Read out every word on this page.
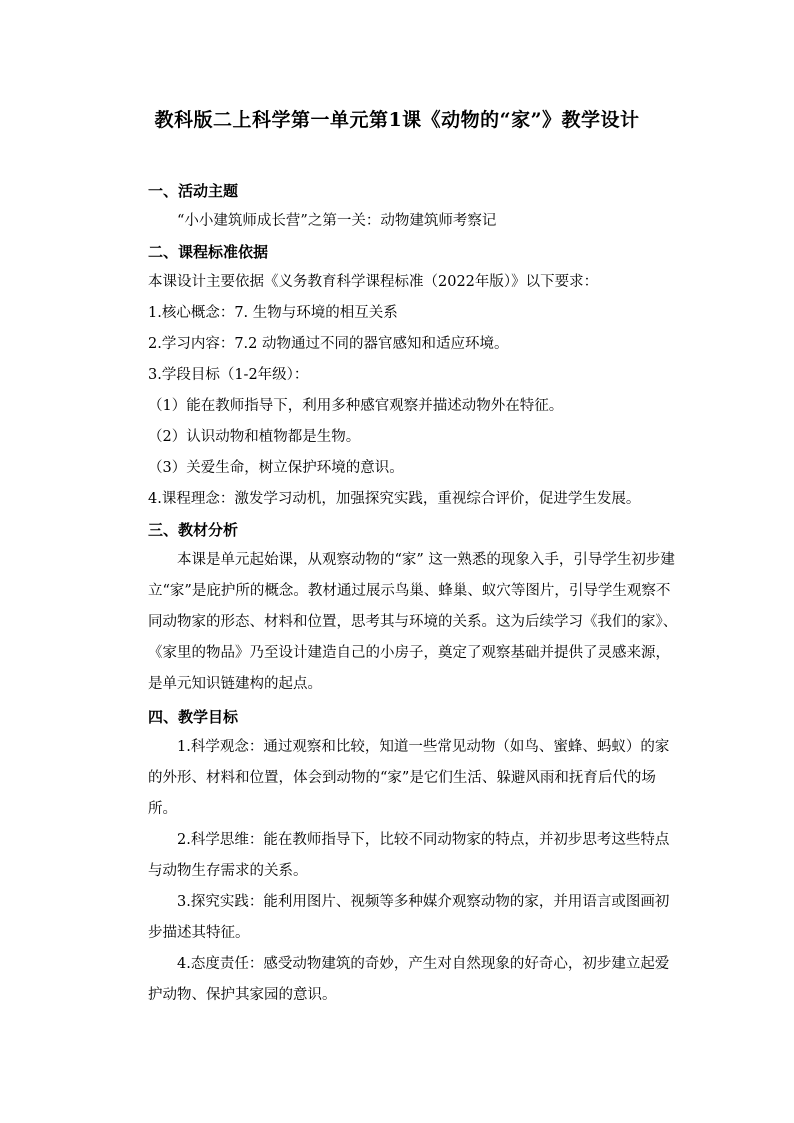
教科版二上科学第一单元第1课《动物的“家”》教学设计
一、活动主题

“小小建筑师成长营”之第一关：动物建筑师考察记

二、课程标准依据

本课设计主要依据《义务教育科学课程标准（2022年版）》以下要求：

1.核心概念：7. 生物与环境的相互关系

2.学习内容：7.2 动物通过不同的器官感知和适应环境。

3.学段目标（1-2年级）：

（1）能在教师指导下，利用多种感官观察并描述动物外在特征。

（2）认识动物和植物都是生物。

（3）关爱生命，树立保护环境的意识。

4.课程理念：激发学习动机，加强探究实践，重视综合评价，促进学生发展。

三、教材分析

本课是单元起始课，从观察动物的“家” 这一熟悉的现象入手，引导学生初步建立“家”是庇护所的概念。教材通过展示鸟巢、蜂巢、蚁穴等图片，引导学生观察不同动物家的形态、材料和位置，思考其与环境的关系。这为后续学习《我们的家》、《家里的物品》乃至设计建造自己的小房子，奠定了观察基础并提供了灵感来源，是单元知识链建构的起点。

四、教学目标

1.科学观念：通过观察和比较，知道一些常见动物（如鸟、蜜蜂、蚂蚁）的家的外形、材料和位置，体会到动物的“家”是它们生活、躲避风雨和抚育后代的场所。

2.科学思维：能在教师指导下，比较不同动物家的特点，并初步思考这些特点与动物生存需求的关系。

3.探究实践：能利用图片、视频等多种媒介观察动物的家，并用语言或图画初步描述其特征。

4.态度责任：感受动物建筑的奇妙，产生对自然现象的好奇心，初步建立起爱护动物、保护其家园的意识。
